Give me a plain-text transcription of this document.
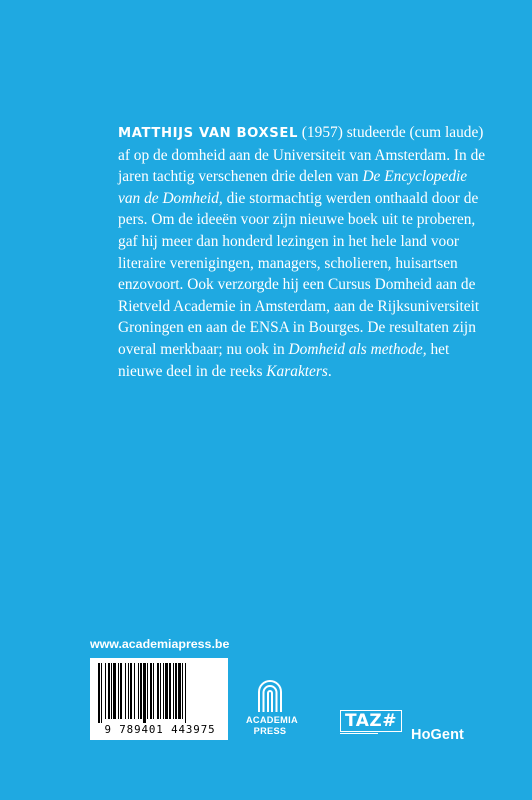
MATTHIJS VAN BOXSEL (1957) studeerde (cum laude) af op de domheid aan de Universiteit van Amsterdam. In de jaren tachtig verschenen drie delen van De Encyclopedie van de Domheid, die stormachtig werden onthaald door de pers. Om de ideeën voor zijn nieuwe boek uit te proberen, gaf hij meer dan honderd lezingen in het hele land voor literaire verenigingen, managers, scholieren, huisartsen enzovoort. Ook verzorgde hij een Cursus Domheid aan de Rietveld Academie in Amsterdam, aan de Rijksuniversiteit Groningen en aan de ENSA in Bourges. De resultaten zijn overal merkbaar; nu ook in Domheid als methode, het nieuwe deel in de reeks Karakters.

www.academiapress.be
9 789401 443975
ACADEMIA
PRESS	TAZ#
HoGent
